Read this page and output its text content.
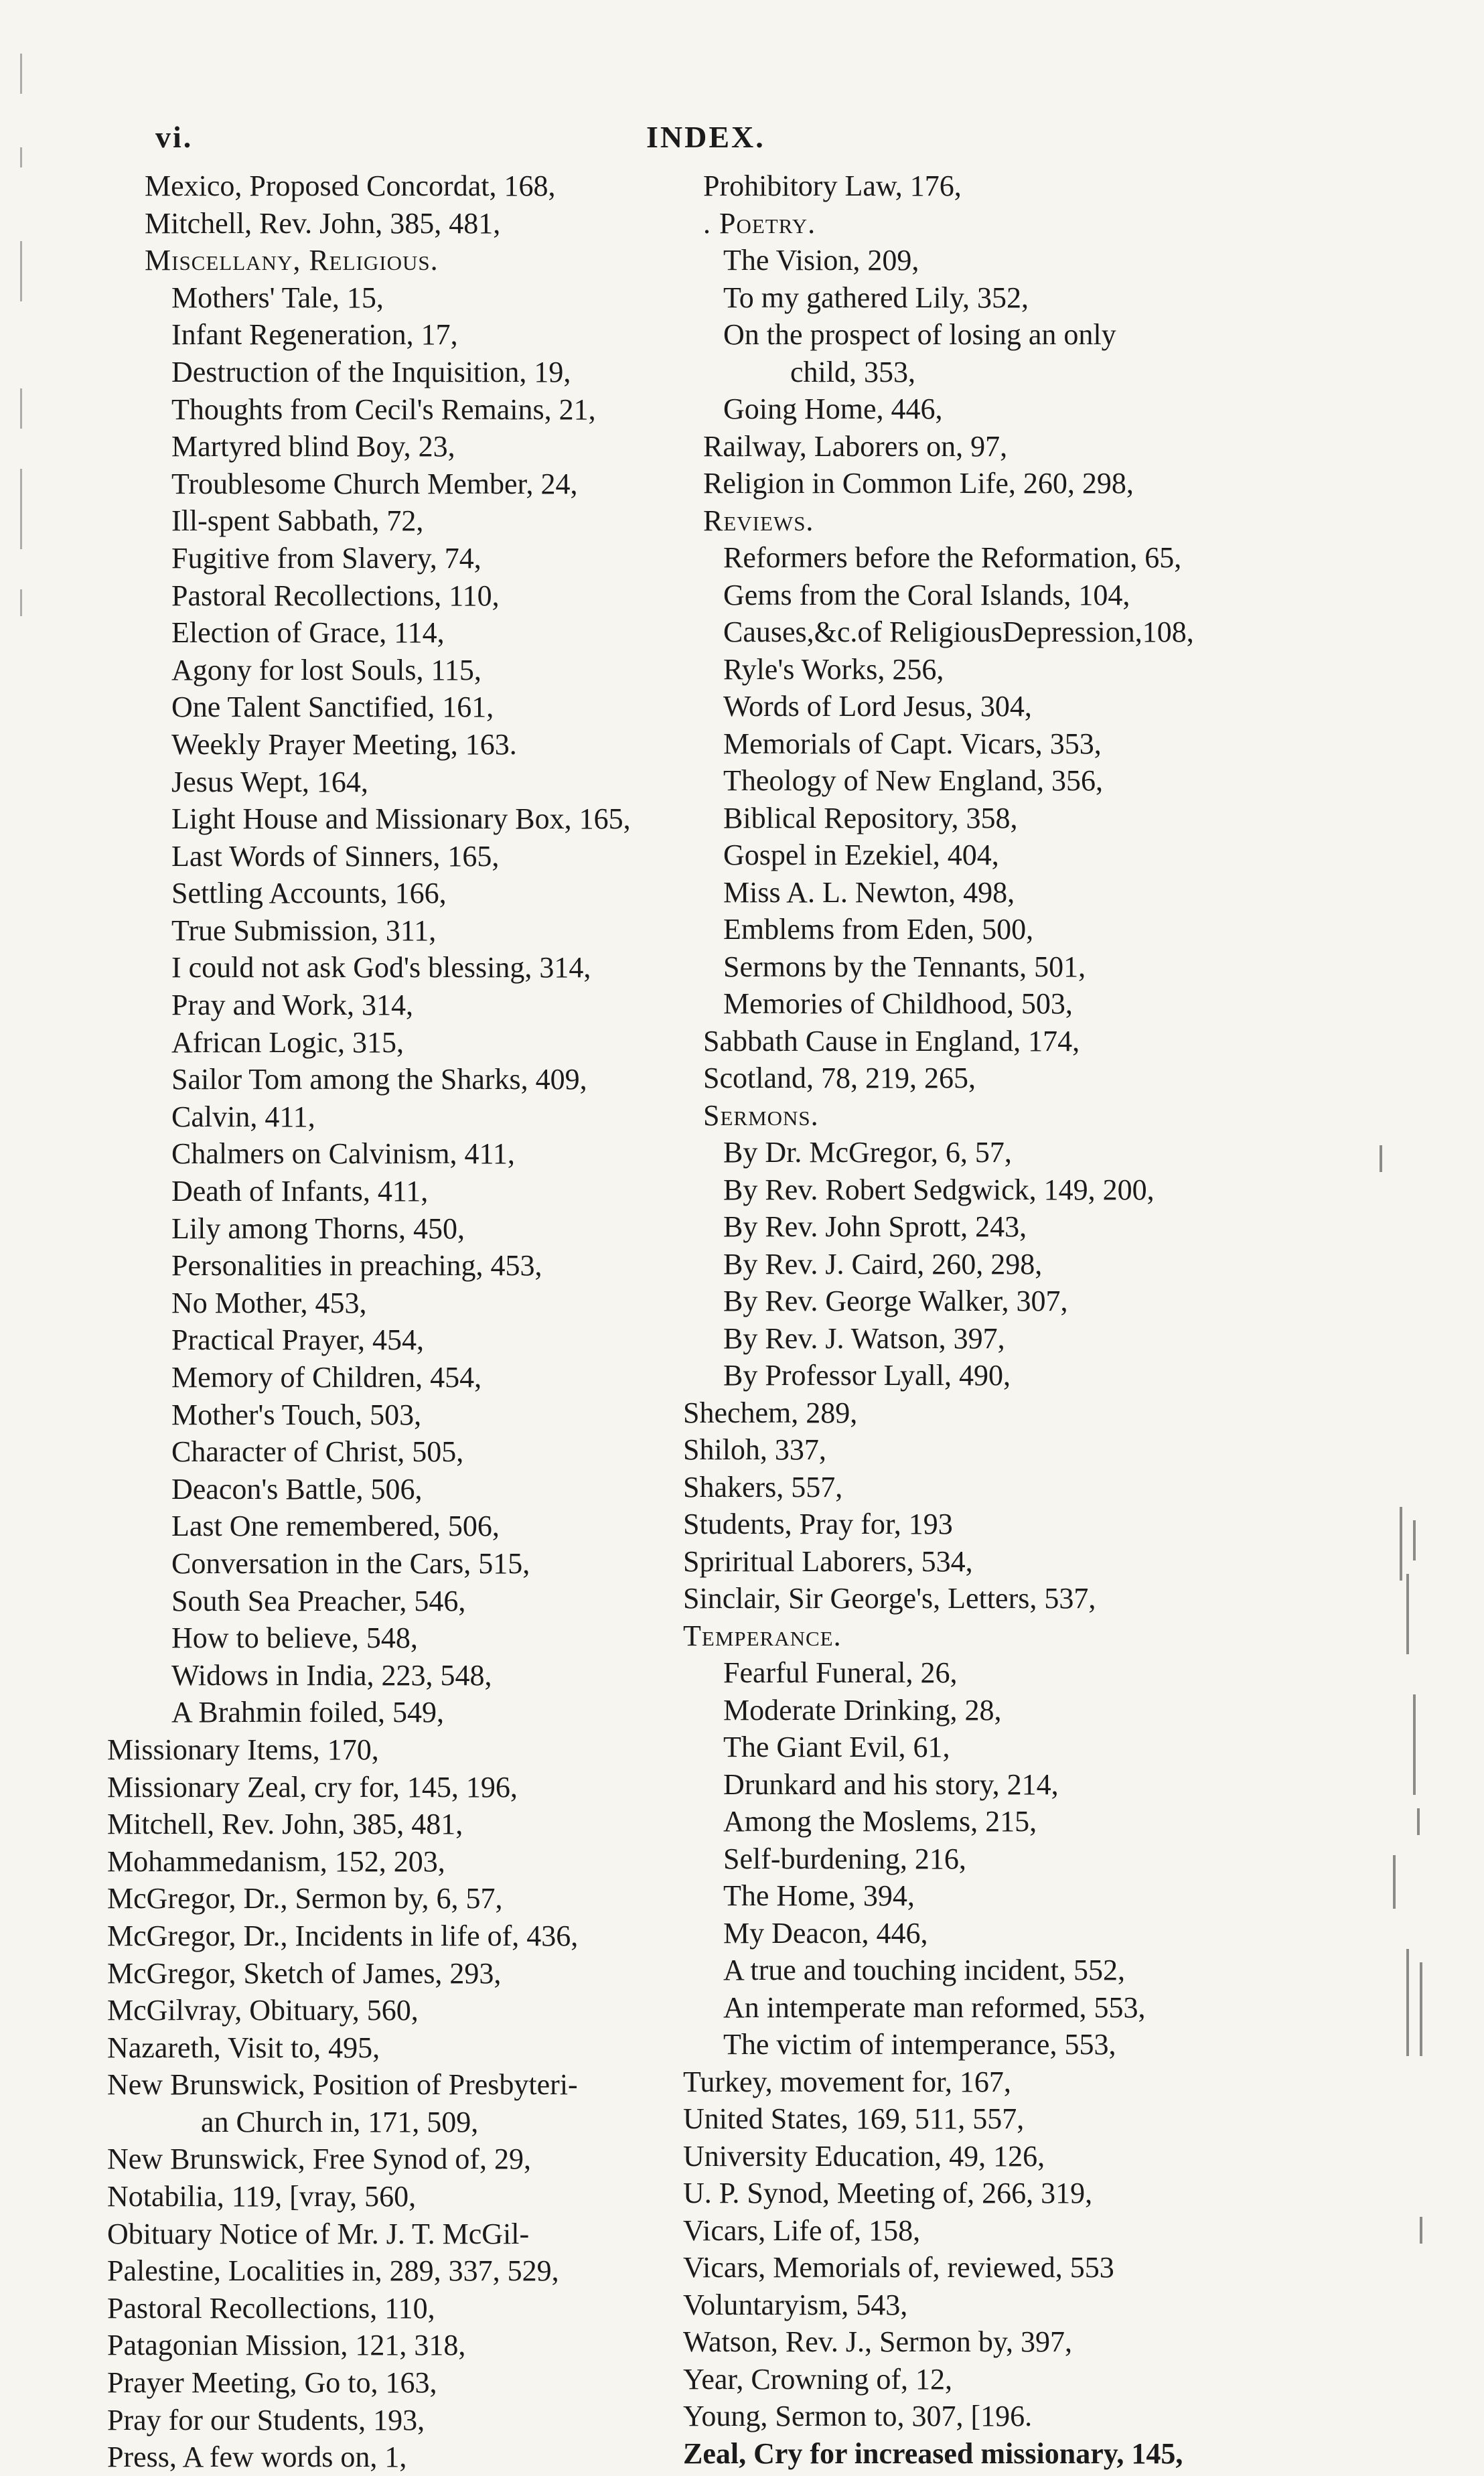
vi.	INDEX.
Mexico, Proposed Concordat, 168,
Mitchell, Rev. John, 385, 481,
Miscellany, Religious.
Mothers' Tale, 15,
Infant Regeneration, 17,
Destruction of the Inquisition, 19,
Thoughts from Cecil's Remains, 21,
Martyred blind Boy, 23,
Troublesome Church Member, 24,
Ill-spent Sabbath, 72,
Fugitive from Slavery, 74,
Pastoral Recollections, 110,
Election of Grace, 114,
Agony for lost Souls, 115,
One Talent Sanctified, 161,
Weekly Prayer Meeting, 163.
Jesus Wept, 164,
Light House and Missionary Box, 165,
Last Words of Sinners, 165,
Settling Accounts, 166,
True Submission, 311,
I could not ask God's blessing, 314,
Pray and Work, 314,
African Logic, 315,
Sailor Tom among the Sharks, 409,
Calvin, 411,
Chalmers on Calvinism, 411,
Death of Infants, 411,
Lily among Thorns, 450,
Personalities in preaching, 453,
No Mother, 453,
Practical Prayer, 454,
Memory of Children, 454,
Mother's Touch, 503,
Character of Christ, 505,
Deacon's Battle, 506,
Last One remembered, 506,
Conversation in the Cars, 515,
South Sea Preacher, 546,
How to believe, 548,
Widows in India, 223, 548,
A Brahmin foiled, 549,
Missionary Items, 170,
Missionary Zeal, cry for, 145, 196,
Mitchell, Rev. John, 385, 481,
Mohammedanism, 152, 203,
McGregor, Dr., Sermon by, 6, 57,
McGregor, Dr., Incidents in life of, 436,
McGregor, Sketch of James, 293,
McGilvray, Obituary, 560,
Nazareth, Visit to, 495,
New Brunswick, Position of Presbyteri-
an Church in, 171, 509,
New Brunswick, Free Synod of, 29,
Notabilia, 119, [vray, 560,
Obituary Notice of Mr. J. T. McGil-
Palestine, Localities in, 289, 337, 529,
Pastoral Recollections, 110,
Patagonian Mission, 121, 318,
Prayer Meeting, Go to, 163,
Pray for our Students, 193,
Press, A few words on, 1,
Prohibitory Law, 176,
. Poetry.
The Vision, 209,
To my gathered Lily, 352,
On the prospect of losing an only
child, 353,
Going Home, 446,
Railway, Laborers on, 97,
Religion in Common Life, 260, 298,
Reviews.
Reformers before the Reformation, 65,
Gems from the Coral Islands, 104,
Causes,&c.of ReligiousDepression,108,
Ryle's Works, 256,
Words of Lord Jesus, 304,
Memorials of Capt. Vicars, 353,
Theology of New England, 356,
Biblical Repository, 358,
Gospel in Ezekiel, 404,
Miss A. L. Newton, 498,
Emblems from Eden, 500,
Sermons by the Tennants, 501,
Memories of Childhood, 503,
Sabbath Cause in England, 174,
Scotland, 78, 219, 265,
Sermons.
By Dr. McGregor, 6, 57,
By Rev. Robert Sedgwick, 149, 200,
By Rev. John Sprott, 243,
By Rev. J. Caird, 260, 298,
By Rev. George Walker, 307,
By Rev. J. Watson, 397,
By Professor Lyall, 490,
Shechem, 289,
Shiloh, 337,
Shakers, 557,
Students, Pray for, 193
Spriritual Laborers, 534,
Sinclair, Sir George's, Letters, 537,
Temperance.
Fearful Funeral, 26,
Moderate Drinking, 28,
The Giant Evil, 61,
Drunkard and his story, 214,
Among the Moslems, 215,
Self-burdening, 216,
The Home, 394,
My Deacon, 446,
A true and touching incident, 552,
An intemperate man reformed, 553,
The victim of intemperance, 553,
Turkey, movement for, 167,
United States, 169, 511, 557,
University Education, 49, 126,
U. P. Synod, Meeting of, 266, 319,
Vicars, Life of, 158,
Vicars, Memorials of, reviewed, 553
Voluntaryism, 543,
Watson, Rev. J., Sermon by, 397,
Year, Crowning of, 12,
Young, Sermon to, 307, [196.
Zeal, Cry for increased missionary, 145,
